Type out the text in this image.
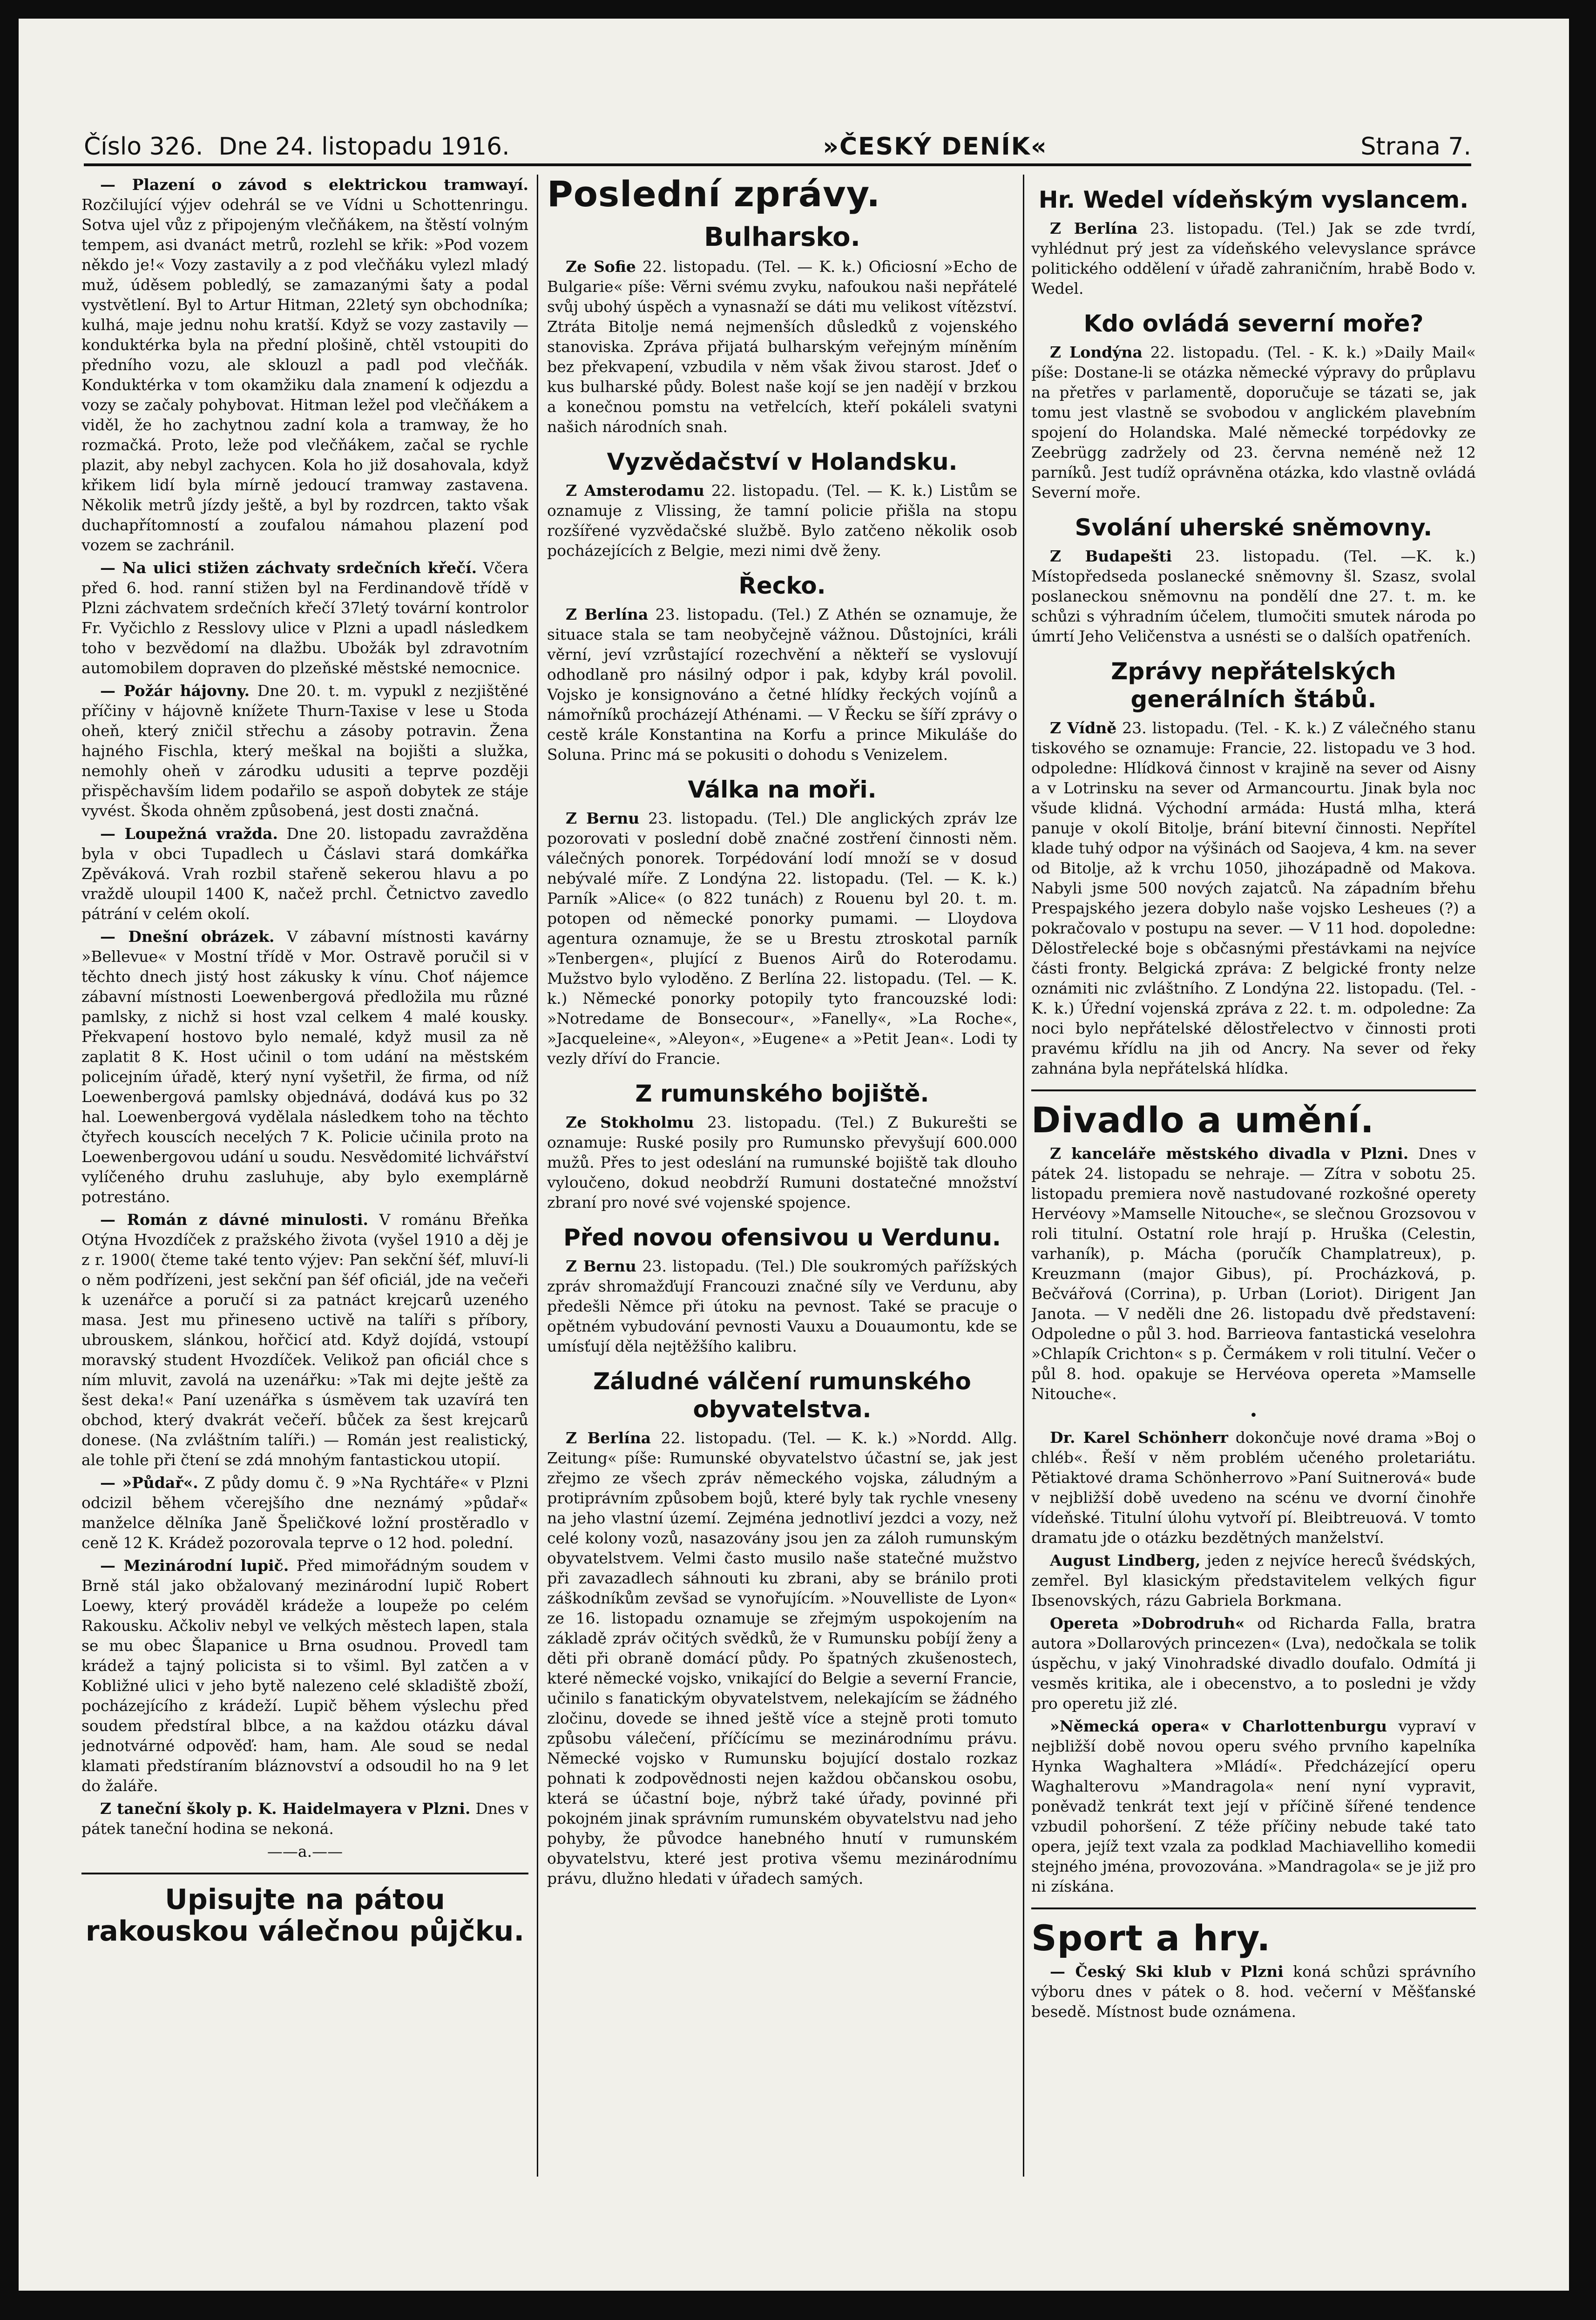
Číslo 326. Dne 24. listopadu 1916.	»ČESKÝ DENÍK«	Strana 7.

— Plazení o závod s elektrickou tramwayí. Rozčilující výjev odehrál se ve Vídni u Schottenringu. Sotva ujel vůz z připojeným vlečňákem, na štěstí volným tempem, asi dvanáct metrů, rozlehl se křik: »Pod vozem někdo je!« Vozy zastavily a z pod vlečňáku vylezl mladý muž, úděsem pobledlý, se zamazanými šaty a podal vystvětlení. Byl to Artur Hitman, 22letý syn obchodníka; kulhá, maje jednu nohu kratší. Když se vozy zastavily — konduktérka byla na přední plošině, chtěl vstoupiti do předního vozu, ale sklouzl a padl pod vlečňák. Konduktérka v tom okamžiku dala znamení k odjezdu a vozy se začaly pohybovat. Hitman ležel pod vlečňákem a viděl, že ho zachytnou zadní kola a tramway, že ho rozmačká. Proto, leže pod vlečňákem, začal se rychle plazit, aby nebyl zachycen. Kola ho již dosahovala, když křikem lidí byla mírně jedoucí tramway zastavena. Několik metrů jízdy ještě, a byl by rozdrcen, takto však duchapřítomností a zoufalou námahou plazení pod vozem se zachránil.

— Na ulici stižen záchvaty srdečních křečí. Včera před 6. hod. ranní stižen byl na Ferdinandově třídě v Plzni záchvatem srdečních křečí 37letý tovární kontrolor Fr. Vyčichlo z Resslovy ulice v Plzni a upadl následkem toho v bezvědomí na dlažbu. Ubožák byl zdravotním automobilem dopraven do plzeňské městské nemocnice.

— Požár hájovny. Dne 20. t. m. vypukl z nezjištěné příčiny v hájovně knížete Thurn-Taxise v lese u Stoda oheň, který zničil střechu a zásoby potravin. Žena hajného Fischla, který meškal na bojišti a služka, nemohly oheň v zárodku udusiti a teprve později přispěchavším lidem podařilo se aspoň dobytek ze stáje vyvést. Škoda ohněm způsobená, jest dosti značná.

— Loupežná vražda. Dne 20. listopadu zavražděna byla v obci Tupadlech u Čáslavi stará domkářka Zpěváková. Vrah rozbil stařeně sekerou hlavu a po vraždě uloupil 1400 K, načež prchl. Četnictvo zavedlo pátrání v celém okolí.

— Dnešní obrázek. V zábavní místnosti kavárny »Bellevue« v Mostní třídě v Mor. Ostravě poručil si v těchto dnech jistý host zákusky k vínu. Choť nájemce zábavní místnosti Loewenbergová předložila mu různé pamlsky, z nichž si host vzal celkem 4 malé kousky. Překvapení hostovo bylo nemalé, když musil za ně zaplatit 8 K. Host učinil o tom udání na městském policejním úřadě, který nyní vyšetřil, že firma, od níž Loewenbergová pamlsky objednává, dodává kus po 32 hal. Loewenbergová vydělala následkem toho na těchto čtyřech kouscích necelých 7 K. Policie učinila proto na Loewenbergovou udání u soudu. Nesvědomité lichvářství vylíčeného druhu zasluhuje, aby bylo exemplárně potrestáno.

— Román z dávné minulosti. V románu Břeňka Otýna Hvozdíček z pražského života (vyšel 1910 a děj je z r. 1900( čteme také tento výjev: Pan sekční šéf, mluví-li o něm podřízeni, jest sekční pan šéf oficiál, jde na večeři k uzenářce a poručí si za patnáct krejcarů uzeného masa. Jest mu přineseno uctivě na talíři s příbory, ubrouskem, slánkou, hořčicí atd. Když dojídá, vstoupí moravský student Hvozdíček. Velikož pan oficiál chce s ním mluvit, zavolá na uzenářku: »Tak mi dejte ještě za šest deka!« Paní uzenářka s úsměvem tak uzavírá ten obchod, který dvakrát večeří. bůček za šest krejcarů donese. (Na zvláštním talíři.) — Román jest realistický, ale tohle při čtení se zdá mnohým fantastickou utopií.

— »Půdař«. Z půdy domu č. 9 »Na Rychtáře« v Plzni odcizil během včerejšího dne neznámý »půdař« manželce dělníka Janě Špeličkové ložní prostěradlo v ceně 12 K. Krádež pozorovala teprve o 12 hod. polední.

— Mezinárodní lupič. Před mimořádným soudem v Brně stál jako obžalovaný mezinárodní lupič Robert Loewy, který prováděl krádeže a loupeže po celém Rakousku. Ačkoliv nebyl ve velkých městech lapen, stala se mu obec Šlapanice u Brna osudnou. Provedl tam krádež a tajný policista si to všiml. Byl zatčen a v Kobližné ulici v jeho bytě nalezeno celé skladiště zboží, pocházejícího z krádeží. Lupič během výslechu před soudem předstíral blbce, a na každou otázku dával jednotvárné odpověď: ham, ham. Ale soud se nedal klamati předstíraním bláznovství a odsoudil ho na 9 let do žaláře.

Z taneční školy p. K. Haidelmayera v Plzni. Dnes v pátek taneční hodina se nekoná.

——a.——

Upisujte na pátou rakouskou válečnou půjčku.
Poslední zprávy.
Bulharsko.

Ze Sofie 22. listopadu. (Tel. — K. k.) Oficiosní »Echo de Bulgarie« píše: Věrni svému zvyku, nafoukou naši nepřátelé svůj ubohý úspěch a vynasnaží se dáti mu velikost vítězství. Ztráta Bitolje nemá nejmenších důsledků z vojenského stanoviska. Zpráva přijatá bulharským veřejným míněním bez překvapení, vzbudila v něm však živou starost. Jdeť o kus bulharské půdy. Bolest naše kojí se jen nadějí v brzkou a konečnou pomstu na vetřelcích, kteří pokáleli svatyni našich národních snah.

Vyzvědačství v Holandsku.

Z Amsterodamu 22. listopadu. (Tel. — K. k.) Listům se oznamuje z Vlissing, že tamní policie přišla na stopu rozšířené vyzvědačské službě. Bylo zatčeno několik osob pocházejících z Belgie, mezi nimi dvě ženy.

Řecko.

Z Berlína 23. listopadu. (Tel.) Z Athén se oznamuje, že situace stala se tam neobyčejně vážnou. Důstojníci, králi věrní, jeví vzrůstající rozechvění a někteří se vyslovují odhodlaně pro násilný odpor i pak, kdyby král povolil. Vojsko je konsignováno a četné hlídky řeckých vojínů a námořníků procházejí Athénami. — V Řecku se šíří zprávy o cestě krále Konstantina na Korfu a prince Mikuláše do Soluna. Princ má se pokusiti o dohodu s Venizelem.

Válka na moři.

Z Bernu 23. listopadu. (Tel.) Dle anglických zpráv lze pozorovati v poslední době značné zostření činnosti něm. válečných ponorek. Torpédování lodí množí se v dosud nebývalé míře. Z Londýna 22. listopadu. (Tel. — K. k.) Parník »Alice« (o 822 tunách) z Rouenu byl 20. t. m. potopen od německé ponorky pumami. — Lloydova agentura oznamuje, že se u Brestu ztroskotal parník »Tenbergen«, plující z Buenos Airů do Roterodamu. Mužstvo bylo vyloděno. Z Berlína 22. listopadu. (Tel. — K. k.) Německé ponorky potopily tyto francouzské lodi: »Notredame de Bonsecour«, »Fanelly«, »La Roche«, »Jacqueleine«, »Aleyon«, »Eugene« a »Petit Jean«. Lodi ty vezly dříví do Francie.

Z rumunského bojiště.

Ze Stokholmu 23. listopadu. (Tel.) Z Bukurešti se oznamuje: Ruské posily pro Rumunsko převyšují 600.000 mužů. Přes to jest odeslání na rumunské bojiště tak dlouho vyloučeno, dokud neobdrží Rumuni dostatečné množství zbraní pro nové své vojenské spojence.

Před novou ofensivou u Verdunu.

Z Bernu 23. listopadu. (Tel.) Dle soukromých pařížských zpráv shromažďují Francouzi značné síly ve Verdunu, aby předešli Němce při útoku na pevnost. Také se pracuje o opětném vybudování pevnosti Vauxu a Douaumontu, kde se umísťují děla nejtěžšího kalibru.

Záludné válčení rumunského obyvatelstva.

Z Berlína 22. listopadu. (Tel. — K. k.) »Nordd. Allg. Zeitung« píše: Rumunské obyvatelstvo účastní se, jak jest zřejmo ze všech zpráv německého vojska, záludným a protiprávním způsobem bojů, které byly tak rychle vneseny na jeho vlastní území. Zejména jednotliví jezdci a vozy, než celé kolony vozů, nasazovány jsou jen za záloh rumunským obyvatelstvem. Velmi často musilo naše statečné mužstvo při zavazadlech sáhnouti ku zbrani, aby se bránilo proti záškodníkům zevšad se vynořujícím. »Nouvelliste de Lyon« ze 16. listopadu oznamuje se zřejmým uspokojením na základě zpráv očitých svědků, že v Rumunsku pobíjí ženy a děti při obraně domácí půdy. Po špatných zkušenostech, které německé vojsko, vnikající do Belgie a severní Francie, učinilo s fanatickým obyvatelstvem, nelekajícím se žádného zločinu, dovede se ihned ještě více a stejně proti tomuto způsobu válečení, příčícímu se mezinárodnímu právu. Německé vojsko v Rumunsku bojující dostalo rozkaz pohnati k zodpovědnosti nejen každou občanskou osobu, která se účastní boje, nýbrž také úřady, povinné při pokojném jinak správním rumunském obyvatelstvu nad jeho pohyby, že původce hanebného hnutí v rumunském obyvatelstvu, které jest protiva všemu mezinárodnímu právu, dlužno hledati v úřadech samých.

Hr. Wedel vídeňským vyslancem.

Z Berlína 23. listopadu. (Tel.) Jak se zde tvrdí, vyhlédnut prý jest za vídeňského velevyslance správce politického oddělení v úřadě zahraničním, hrabě Bodo v. Wedel.

Kdo ovládá severní moře?

Z Londýna 22. listopadu. (Tel. - K. k.) »Daily Mail« píše: Dostane-li se otázka německé výpravy do průplavu na přetřes v parlamentě, doporučuje se tázati se, jak tomu jest vlastně se svobodou v anglickém plavebním spojení do Holandska. Malé německé torpédovky ze Zeebrügg zadržely od 23. června neméně než 12 parníků. Jest tudíž oprávněna otázka, kdo vlastně ovládá Severní moře.

Svolání uherské sněmovny.

Z Budapešti 23. listopadu. (Tel. —K. k.) Místopředseda poslanecké sněmovny šl. Szasz, svolal poslaneckou sněmovnu na pondělí dne 27. t. m. ke schůzi s výhradním účelem, tlumočiti smutek národa po úmrtí Jeho Veličenstva a usnésti se o dalších opatřeních.

Zprávy nepřátelských generálních štábů.

Z Vídně 23. listopadu. (Tel. - K. k.) Z válečného stanu tiskového se oznamuje: Francie, 22. listopadu ve 3 hod. odpoledne: Hlídková činnost v krajině na sever od Aisny a v Lotrinsku na sever od Armancourtu. Jinak byla noc všude klidná. Východní armáda: Hustá mlha, která panuje v okolí Bitolje, brání bitevní činnosti. Nepřítel klade tuhý odpor na výšinách od Saojeva, 4 km. na sever od Bitolje, až k vrchu 1050, jihozápadně od Makova. Nabyli jsme 500 nových zajatců. Na západním břehu Prespajského jezera dobylo naše vojsko Lesheues (?) a pokračovalo v postupu na sever. — V 11 hod. dopoledne: Dělostřelecké boje s občasnými přestávkami na nejvíce části fronty. Belgická zpráva: Z belgické fronty nelze oznámiti nic zvláštního. Z Londýna 22. listopadu. (Tel. - K. k.) Úřední vojenská zpráva z 22. t. m. odpoledne: Za noci bylo nepřátelské dělostřelectvo v činnosti proti pravému křídlu na jih od Ancry. Na sever od řeky zahnána byla nepřátelská hlídka.

Divadlo a umění.

Z kanceláře městského divadla v Plzni. Dnes v pátek 24. listopadu se nehraje. — Zítra v sobotu 25. listopadu premiera nově nastudované rozkošné operety Hervéovy »Mamselle Nitouche«, se slečnou Grozsovou v roli titulní. Ostatní role hrají p. Hruška (Celestin, varhaník), p. Mácha (poručík Champlatreux), p. Kreuzmann (major Gibus), pí. Procházková, p. Bečvářová (Corrina), p. Urban (Loriot). Dirigent Jan Janota. — V neděli dne 26. listopadu dvě představení: Odpoledne o půl 3. hod. Barrieova fantastická veselohra »Chlapík Crichton« s p. Čermákem v roli titulní. Večer o půl 8. hod. opakuje se Hervéova opereta »Mamselle Nitouche«.

•

Dr. Karel Schönherr dokončuje nové drama »Boj o chléb«. Řeší v něm problém učeného proletariátu. Pětiaktové drama Schönherrovo »Paní Suitnerová« bude v nejbližší době uvedeno na scénu ve dvorní činohře vídeňské. Titulní úlohu vytvoří pí. Bleibtreuová. V tomto dramatu jde o otázku bezdětných manželství.

August Lindberg, jeden z nejvíce hereců švédských, zemřel. Byl klasickým představitelem velkých figur Ibsenovských, rázu Gabriela Borkmana.

Opereta »Dobrodruh« od Richarda Falla, bratra autora »Dollarových princezen« (Lva), nedočkala se tolik úspěchu, v jaký Vinohradské divadlo doufalo. Odmítá ji vesměs kritika, ale i obecenstvo, a to posledni je vždy pro operetu již zlé.

»Německá opera« v Charlottenburgu vypraví v nejbližší době novou operu svého prvního kapelníka Hynka Waghaltera »Mládí«. Předcházející operu Waghalterovu »Mandragola« není nyní vypravit, poněvadž tenkrát text její v příčině šířené tendence vzbudil pohoršení. Z téže příčiny nebude také tato opera, jejíž text vzala za podklad Machiavelliho komedii stejného jména, provozována. »Mandragola« se je již pro ni získána.

Sport a hry.

— Český Ski klub v Plzni koná schůzi správního výboru dnes v pátek o 8. hod. večerní v Měšťanské besedě. Místnost bude oznámena.
